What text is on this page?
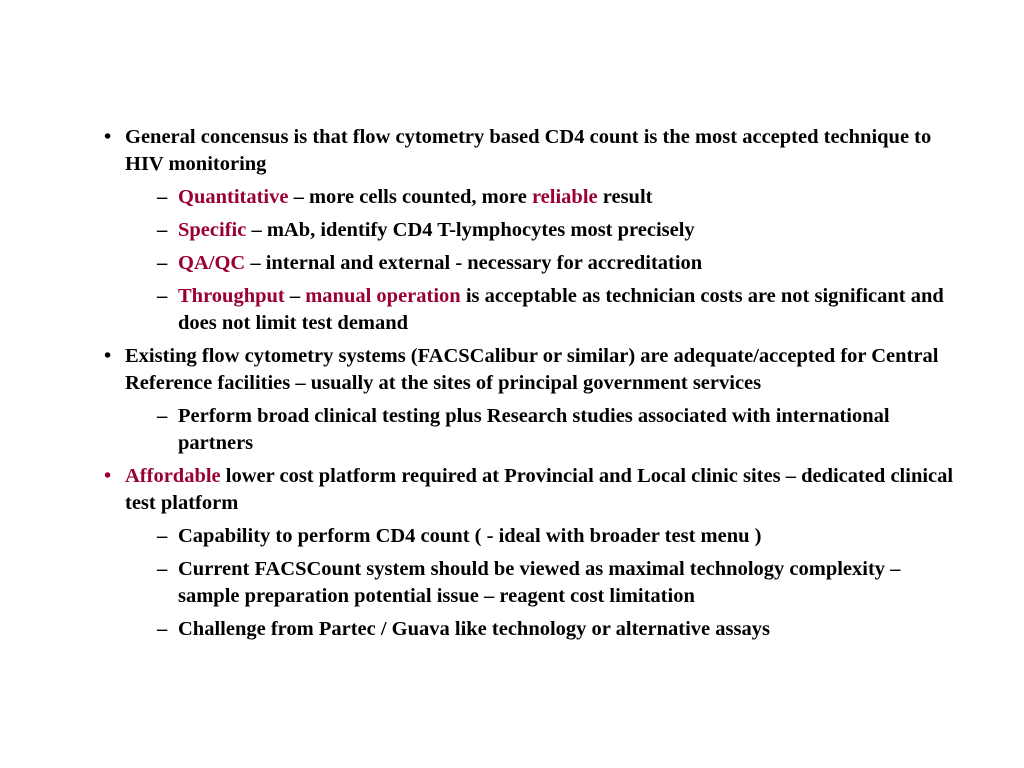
• General concensus is that flow cytometry based CD4 count is the most accepted technique to HIV monitoring
– Quantitative – more cells counted, more reliable result
– Specific – mAb, identify CD4 T-lymphocytes most precisely
– QA/QC – internal and external - necessary for accreditation
– Throughput – manual operation is acceptable as technician costs are not significant and does not limit test demand
• Existing flow cytometry systems (FACSCalibur or similar) are adequate/accepted for Central Reference facilities – usually at the sites of principal government services
– Perform broad clinical testing plus Research studies associated with international partners
• Affordable lower cost platform required at Provincial and Local clinic sites – dedicated clinical test platform
– Capability to perform CD4 count ( - ideal with broader test menu )
– Current FACSCount system should be viewed as maximal technology complexity – sample preparation potential issue – reagent cost limitation
– Challenge from Partec / Guava like technology or alternative assays
